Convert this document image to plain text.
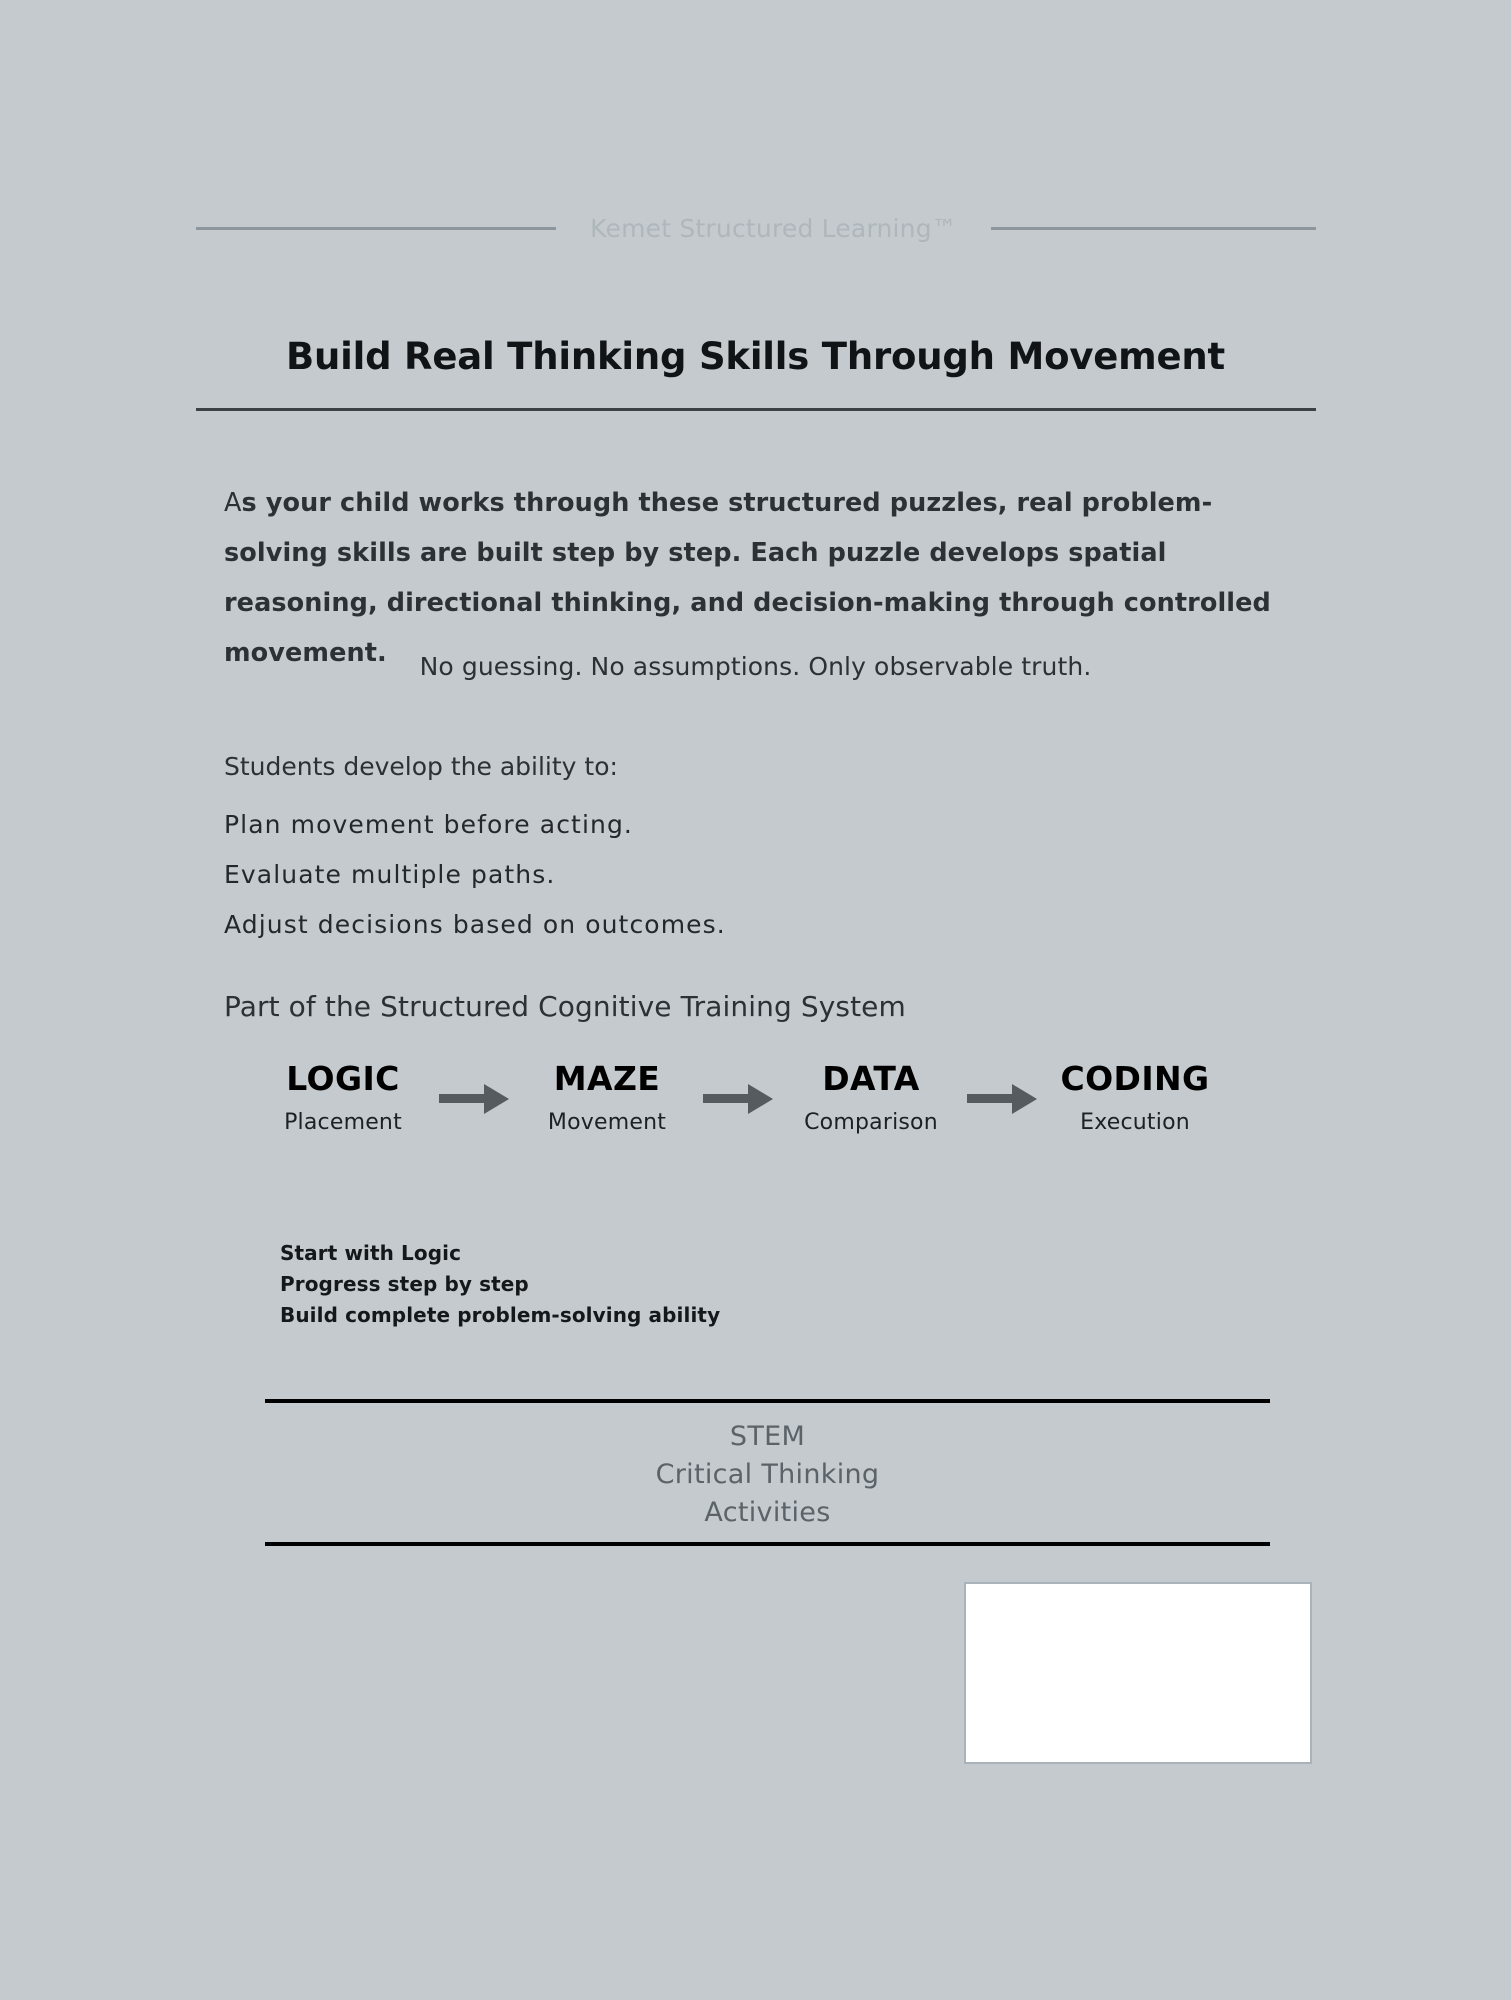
Kemet Structured Learning™
Build Real Thinking Skills Through Movement

As your child works through these structured puzzles, real problem-solving skills are built step by step. Each puzzle develops spatial reasoning, directional thinking, and decision-making through controlled movement.	No guessing. No assumptions. Only observable truth.
Students develop the ability to:
Plan movement before acting.
Evaluate multiple paths.
Adjust decisions based on outcomes.
Part of the Structured Cognitive Training System
LOGIC
Placement
MAZE
Movement
DATA
Comparison
CODING
Execution
Start with Logic
Progress step by step
Build complete problem-solving ability
STEM
Critical Thinking
Activities
